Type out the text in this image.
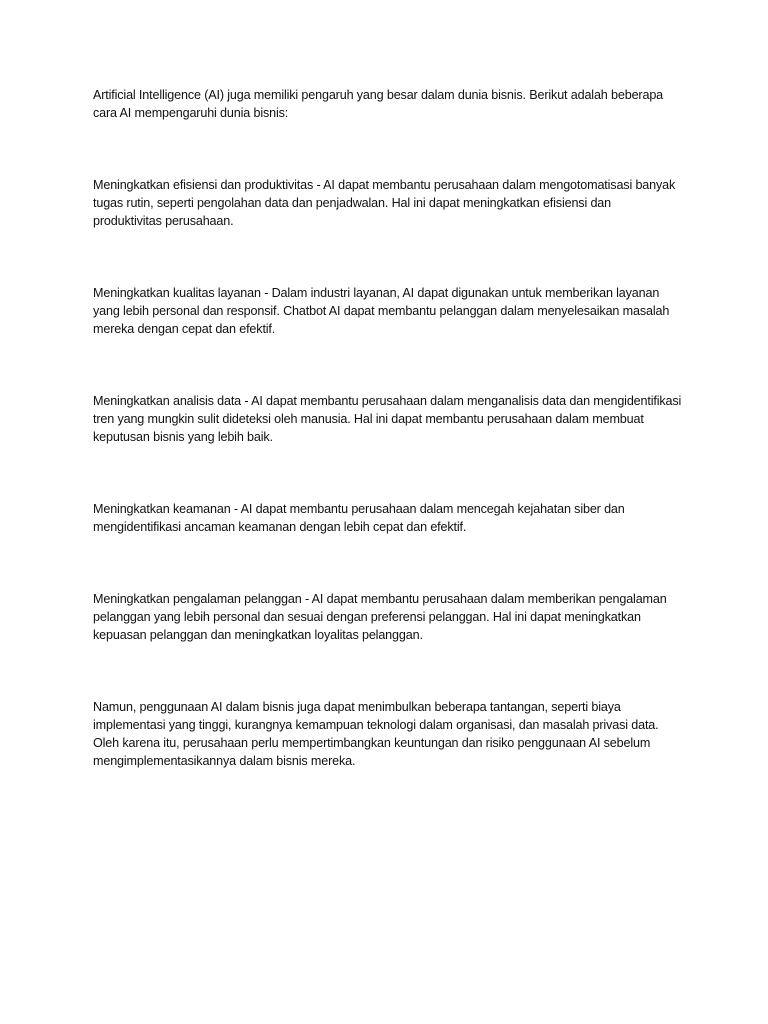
Artificial Intelligence (AI) juga memiliki pengaruh yang besar dalam dunia bisnis. Berikut adalah beberapa cara AI mempengaruhi dunia bisnis:

Meningkatkan efisiensi dan produktivitas - AI dapat membantu perusahaan dalam mengotomatisasi banyak tugas rutin, seperti pengolahan data dan penjadwalan. Hal ini dapat meningkatkan efisiensi dan produktivitas perusahaan.

Meningkatkan kualitas layanan - Dalam industri layanan, AI dapat digunakan untuk memberikan layanan yang lebih personal dan responsif. Chatbot AI dapat membantu pelanggan dalam menyelesaikan masalah mereka dengan cepat dan efektif.

Meningkatkan analisis data - AI dapat membantu perusahaan dalam menganalisis data dan mengidentifikasi tren yang mungkin sulit dideteksi oleh manusia. Hal ini dapat membantu perusahaan dalam membuat keputusan bisnis yang lebih baik.

Meningkatkan keamanan - AI dapat membantu perusahaan dalam mencegah kejahatan siber dan mengidentifikasi ancaman keamanan dengan lebih cepat dan efektif.

Meningkatkan pengalaman pelanggan - AI dapat membantu perusahaan dalam memberikan pengalaman pelanggan yang lebih personal dan sesuai dengan preferensi pelanggan. Hal ini dapat meningkatkan kepuasan pelanggan dan meningkatkan loyalitas pelanggan.

Namun, penggunaan AI dalam bisnis juga dapat menimbulkan beberapa tantangan, seperti biaya implementasi yang tinggi, kurangnya kemampuan teknologi dalam organisasi, dan masalah privasi data. Oleh karena itu, perusahaan perlu mempertimbangkan keuntungan dan risiko penggunaan AI sebelum mengimplementasikannya dalam bisnis mereka.
